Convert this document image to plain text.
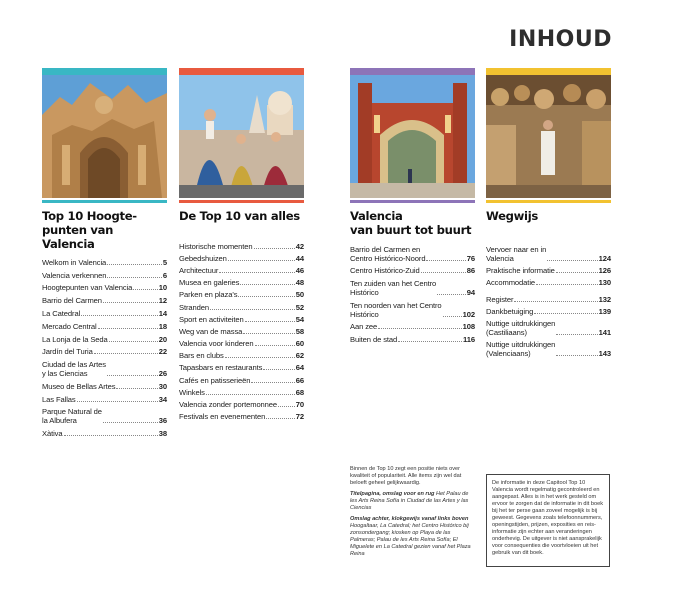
INHOUD
Top 10 Hoogte-
punten van Valencia
Welkom in Valencia	5
Valencia verkennen	6
Hoogtepunten van Valencia	10
Barrio del Carmen	12
La Catedral	14
Mercado Central	18
La Lonja de la Seda	20
Jardín del Turia	22
Ciudad de las Artes
y las Ciencias	26
Museo de Bellas Artes	30
Las Fallas	34
Parque Natural de
la Albufera	36
Xàtiva	38
De Top 10 van alles
Historische momenten	42
Gebedshuizen	44
Architectuur	46
Musea en galeries	48
Parken en plaza's	50
Stranden	52
Sport en activiteiten	54
Weg van de massa	58
Valencia voor kinderen	60
Bars en clubs	62
Tapasbars en restaurants	64
Cafés en patisserieën	66
Winkels	68
Valencia zonder portemonnee 70
Festivals en evenementen	72
Valencia
van buurt tot buurt
Barrio del Carmen en
Centro Histórico-Noord	76
Centro Histórico-Zuid	86
Ten zuiden van het Centro
Histórico	94
Ten noorden van het Centro
Histórico	102
Aan zee	108
Buiten de stad	116
Wegwijs
Vervoer naar en in
Valencia	124
Praktische informatie	126
Accommodatie	130
Register	132
Dankbetuiging	139
Nuttige uitdrukkingen
(Castiliaans)	141
Nuttige uitdrukkingen
(Valenciaans)	143

Binnen de Top 10 zegt een positie niets over kwaliteit of populariteit. Alle items zijn wel dat beloeft geheel gelijkwaardig.

Titelpagina, omslag voor en rug Het Palau de les Arts Reina Sofía in Ciudad de las Artes y las Ciencias

Omslag achter, klokgewijs vanaf links boven Hoogaltaar, La Catedral; het Centro Histórico bij zonsondergang; kiosken op Playa de las Palmeras; Palau de les Arts Reina Sofía; El Miguelete en La Catedral gezien vanaf het Plaza Reina

De informatie in deze Capitool Top 10 Valencia wordt regelmatig gecontroleerd en aangepast. Alles is in het werk gesteld om ervoor te zorgen dat de informatie in dit boek bij het ter perse gaan zoveel mogelijk is bij geweest. Gegevens zoals telefoonnummers, openingstijden, prijzen, exposities en reis-informatie zijn echter aan veranderingen onderhevig. De uitgever is niet aansprakelijk voor consequenties die voortvloeien uit het gebruik van dit boek.
